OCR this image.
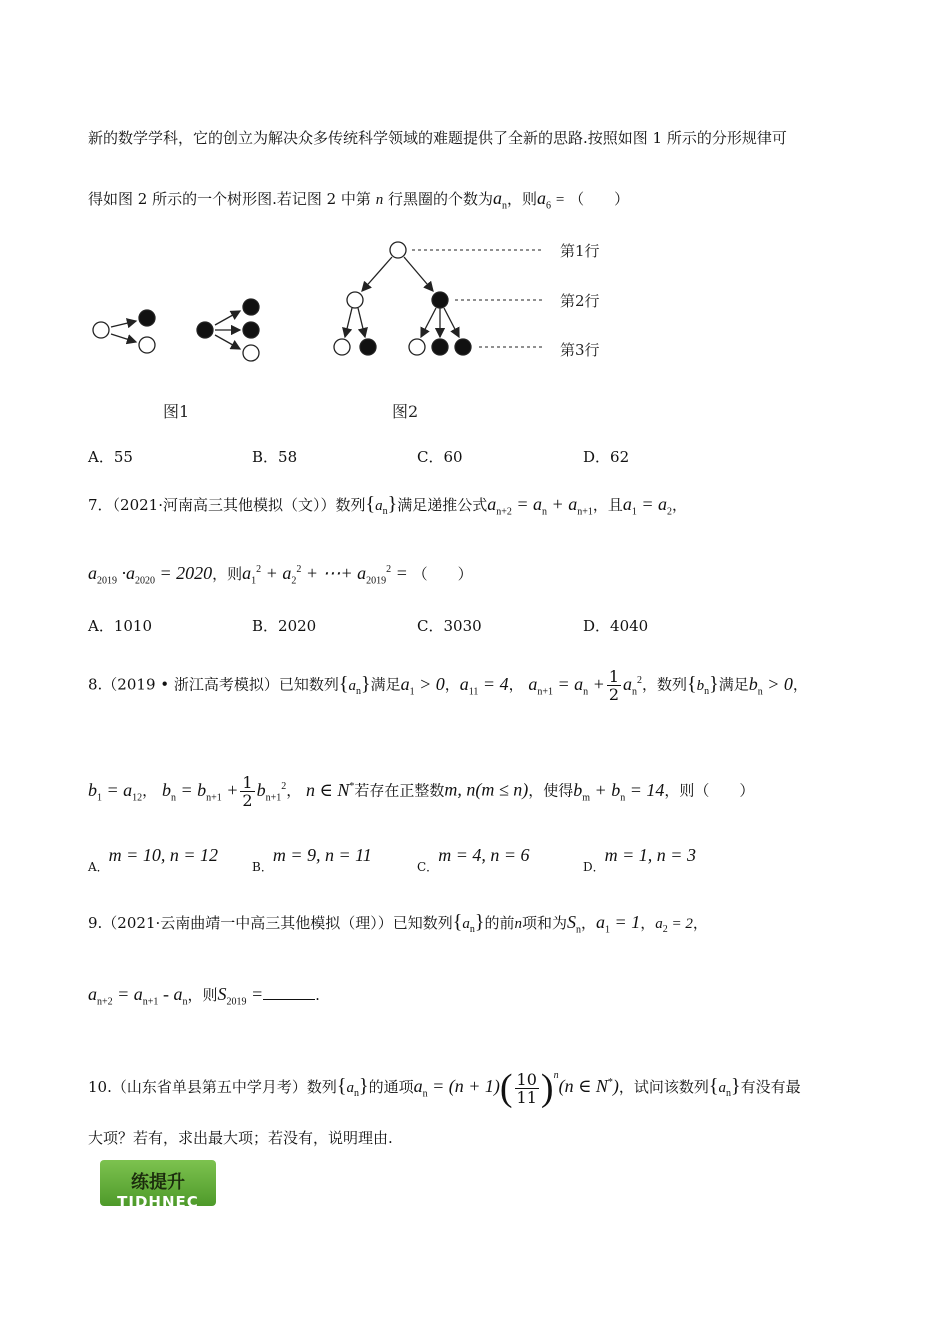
新的数学学科，它的创立为解决众多传统科学领域的难题提供了全新的思路.按照如图 1 所示的分形规律可
得如图 2 所示的一个树形图.若记图 2 中第 n 行黑圈的个数为$a_n$，则$a_6$ = （　　）
第1行
第2行
第3行
图1	图2
A．55	B．58	C．60	D．62
7．（2021·河南高三其他模拟（文））数列$\{a_n\}$满足递推公式$a_{n+2} = a_n + a_{n+1}$，且$a_1 = a_2$，
$a_{2019} \cdot a_{2020} = 2020$，则$a_1^2 + a_2^2$ + ⋯+ $a_{2019}^2$ = （　　）
A．1010	B．2020	C．3030	D．4040
8.（2019 • 浙江高考模拟）已知数列$\{a_n\}$满足$a_1 > 0$，$a_{11} = 4$， $a_{n+1} = a_n + \frac{1}{2} a_n^2$，数列$\{b_n\}$满足$b_n > 0$，
$b_1 = a_{12}$， $b_n = b_{n+1} + \frac{1}{2} b_{n+1}^2$， n ∈ N*若存在正整数m, n(m ≤ n)，使得$b_m + b_n = 14$，则（　　）
$_{A.}$m = 10, n = 12
$_{B.}$m = 9, n = 11
$_{C.}$m = 4, n = 6
$_{D.}$m = 1, n = 3
9.（2021·云南曲靖一中高三其他模拟（理））已知数列$\{a_n\}$的前n项和为$S_n$，$a_1 = 1$，$a_2 = 2$，
$a_{n+2} = a_{n+1} - a_n$，则$S_{2019}$ =	.
10.（山东省单县第五中学月考）数列$\{a_n\}$的通项$a_n = (n + 1)( \frac{10}{11} )^n(n$ ∈ N*)，试问该数列$\{a_n\}$有没有最
大项？若有，求出最大项；若没有，说明理由.
练提升
TIDHNEC
